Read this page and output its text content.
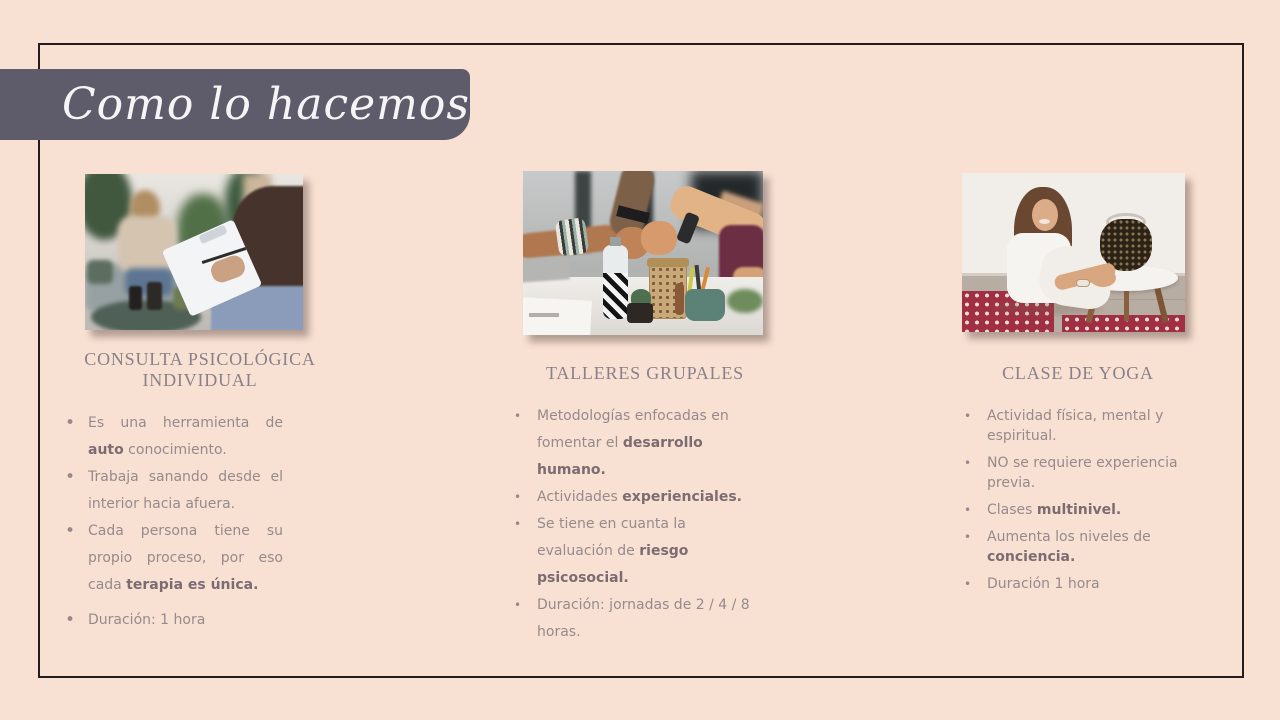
Como lo hacemos
CONSULTA PSICOLÓGICA INDIVIDUAL	TALLERES GRUPALES	CLASE DE YOGA
• Es una herramienta de auto conocimiento.
• Trabaja sanando desde el interior hacia afuera.
• Cada persona tiene su propio proceso, por eso cada terapia es única.
• Duración: 1 hora
• Metodologías enfocadas en fomentar el desarrollo humano.
• Actividades experienciales.
• Se tiene en cuanta la evaluación de riesgo psicosocial.
• Duración: jornadas de 2 / 4 / 8 horas.
• Actividad física, mental y espiritual.
• NO se requiere experiencia previa.
• Clases multinivel.
• Aumenta los niveles de conciencia.
• Duración 1 hora
